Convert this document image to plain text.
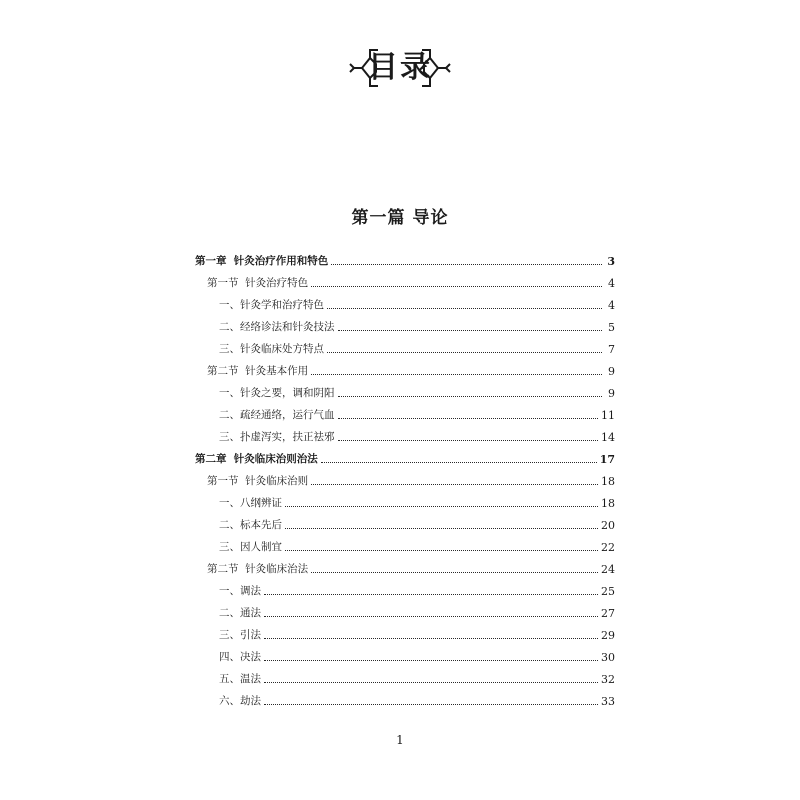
目录
第一篇 导论
第一章  针灸治疗作用和特色	3
第一节  针灸治疗特色	4
一、针灸学和治疗特色	4
二、经络诊法和针灸技法	5
三、针灸临床处方特点	7
第二节  针灸基本作用	9
一、针灸之要，调和阴阳	9
二、疏经通络，运行气血	11
三、扑虚泻实，扶正祛邪	14
第二章  针灸临床治则治法	17
第一节  针灸临床治则	18
一、八纲辨证	18
二、标本先后	20
三、因人制宜	22
第二节  针灸临床治法	24
一、调法	25
二、通法	27
三、引法	29
四、决法	30
五、温法	32
六、劫法	33
1
